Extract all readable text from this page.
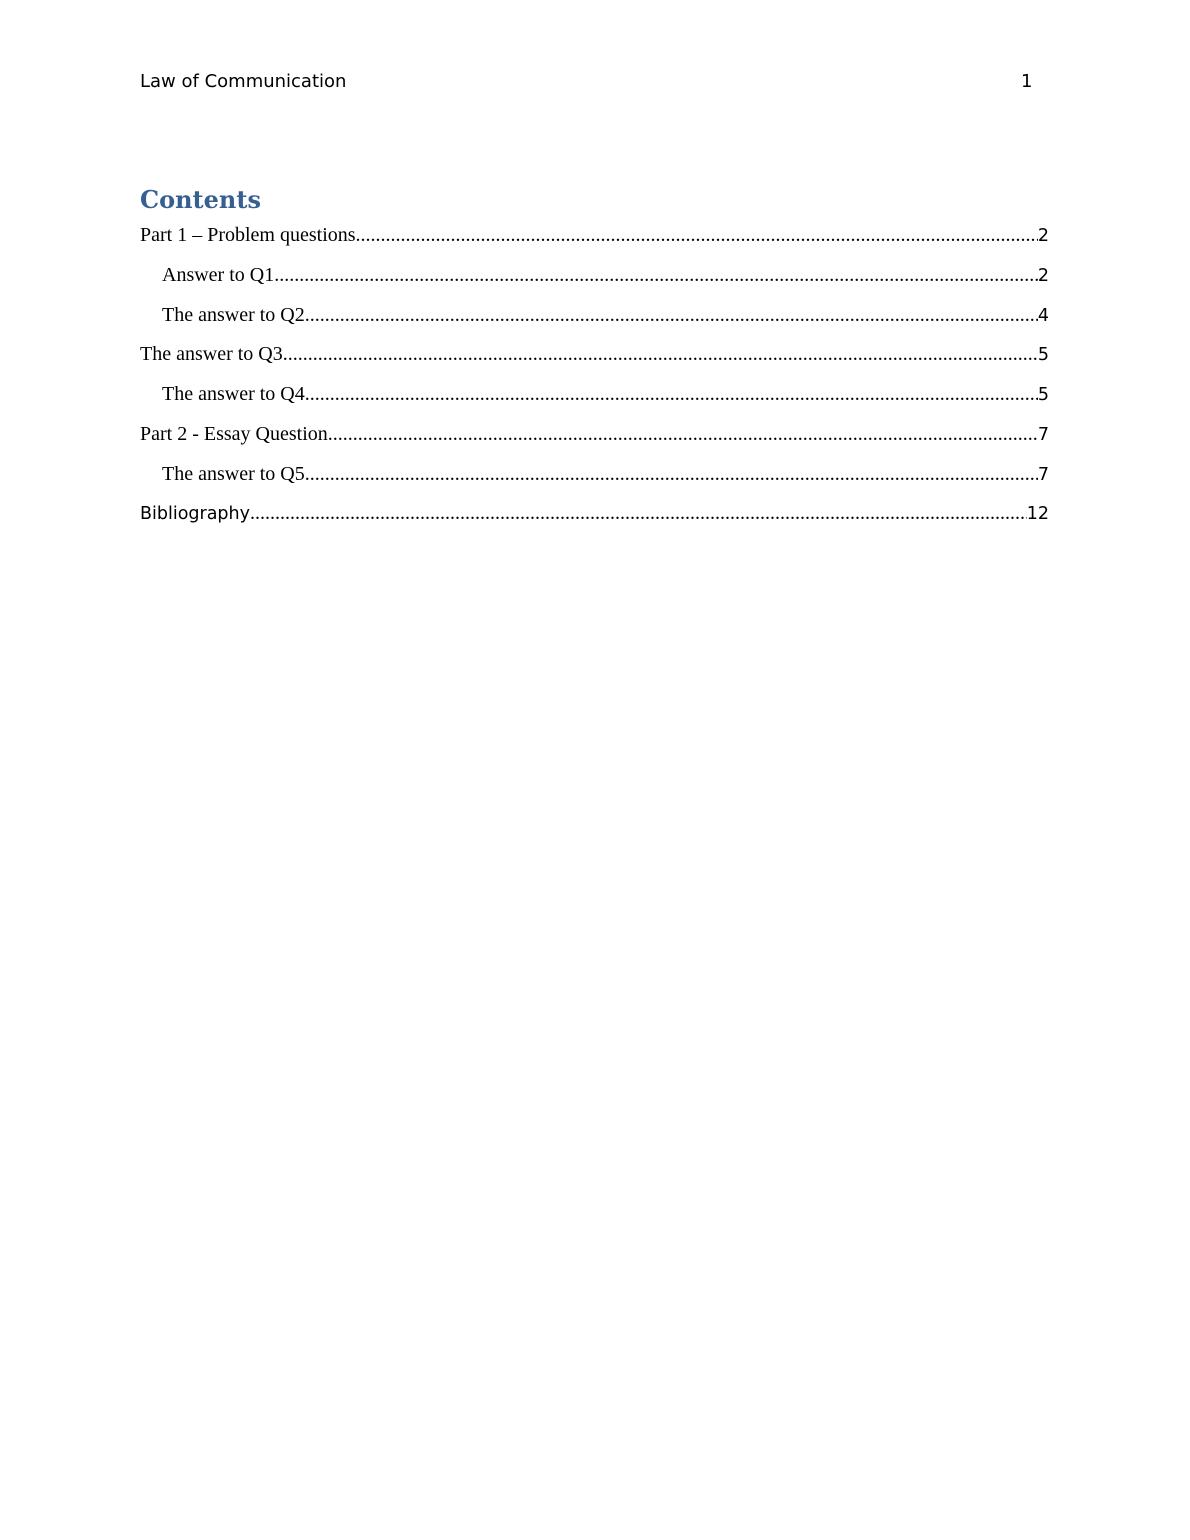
Law of Communication	1
Contents
Part 1 – Problem questions .....	2
Answer to Q1 .....	2
The answer to Q2 .....	4
The answer to Q3 .....	5
The answer to Q4 .....	5
Part 2 - Essay Question .....	7
The answer to Q5 .....	7
Bibliography .....	12
